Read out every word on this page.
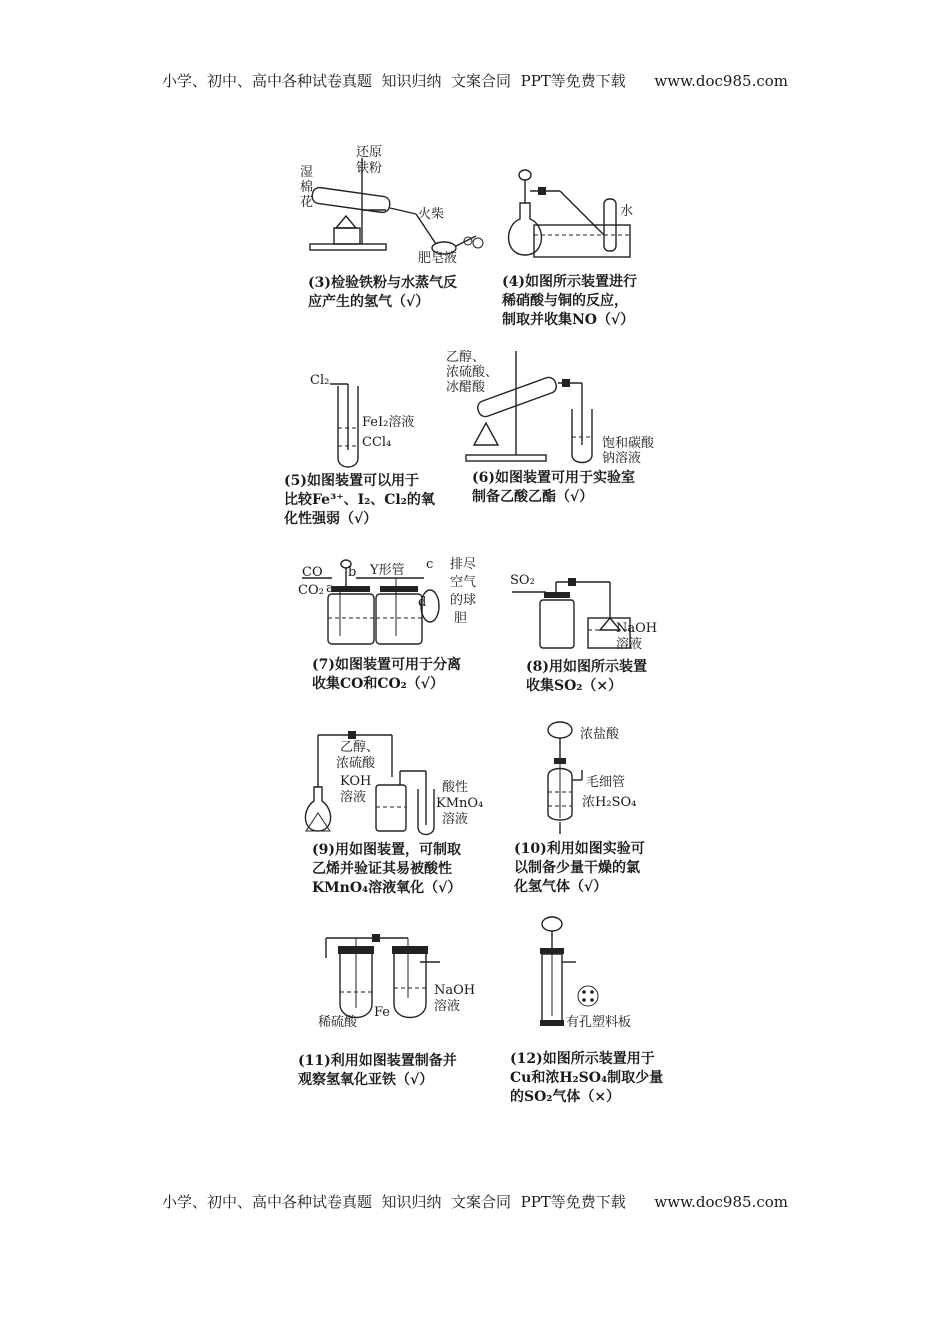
小学、初中、高中各种试卷真题  知识归纳  文案合同  PPT等免费下载      www.doc985.com
湿
棉
花
还原
铁粉
火柴
肥皂液
(3)检验铁粉与水蒸气反
应产生的氢气（√）
水
(4)如图所示装置进行
稀硝酸与铜的反应，
制取并收集NO（√）
Cl₂
FeI₂溶液
CCl₄
(5)如图装置可以用于
比较Fe³⁺、I₂、Cl₂的氧
化性强弱（√）
乙醇、
浓硫酸、
冰醋酸
饱和碳酸
钠溶液
(6)如图装置可用于实验室
制备乙酸乙酯（√）
CO
CO₂ a
b Y形管 c
d
排尽
空气
的球
胆
(7)如图装置可用于分离
收集CO和CO₂（√）
SO₂
NaOH
溶液
(8)用如图所示装置
收集SO₂（×）
乙醇、
浓硫酸
KOH
溶液
酸性
KMnO₄
溶液
(9)用如图装置，可制取
乙烯并验证其易被酸性
KMnO₄溶液氧化（√）
浓盐酸
毛细管
浓H₂SO₄
(10)利用如图实验可
以制备少量干燥的氯
化氢气体（√）
稀硫酸
Fe
NaOH
溶液
(11)利用如图装置制备并
观察氢氧化亚铁（√）
有孔塑料板
(12)如图所示装置用于
Cu和浓H₂SO₄制取少量
的SO₂气体（×）
小学、初中、高中各种试卷真题  知识归纳  文案合同  PPT等免费下载      www.doc985.com
